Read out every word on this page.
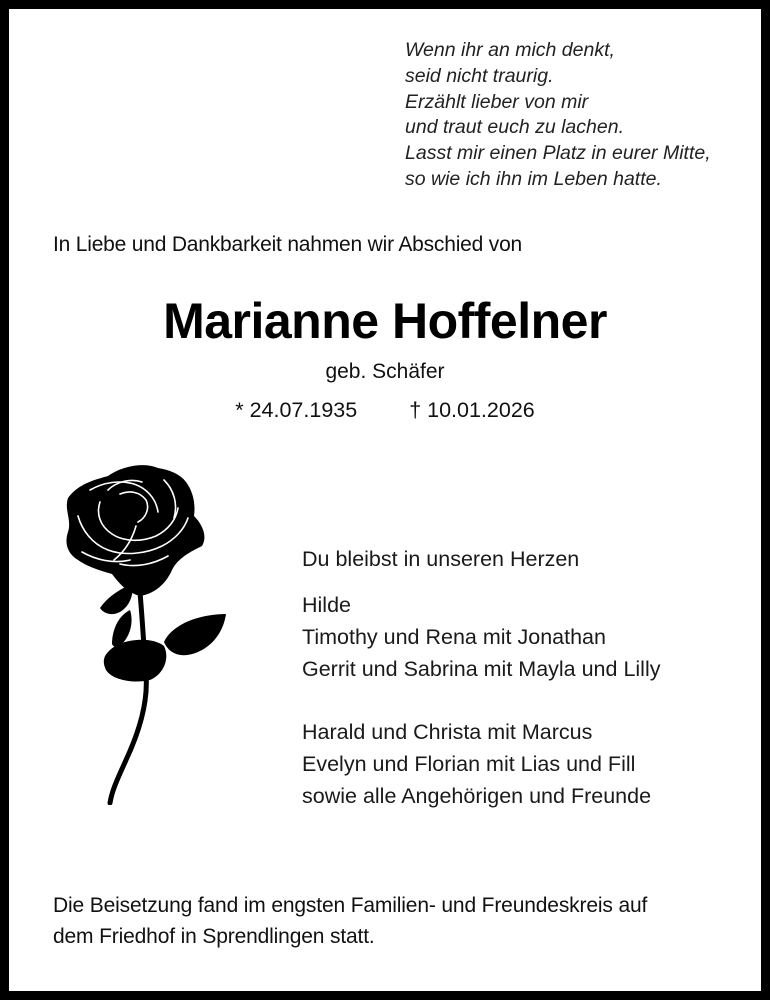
Wenn ihr an mich denkt,
seid nicht traurig.
Erzählt lieber von mir
und traut euch zu lachen.
Lasst mir einen Platz in eurer Mitte,
so wie ich ihn im Leben hatte.
In Liebe und Dankbarkeit nahmen wir Abschied von
Marianne Hoffelner
geb. Schäfer
* 24.07.1935 † 10.01.2026
Du bleibst in unseren Herzen
Hilde
Timothy und Rena mit Jonathan
Gerrit und Sabrina mit Mayla und Lilly
Harald und Christa mit Marcus
Evelyn und Florian mit Lias und Fill
sowie alle Angehörigen und Freunde
Die Beisetzung fand im engsten Familien- und Freundeskreis auf
dem Friedhof in Sprendlingen statt.
